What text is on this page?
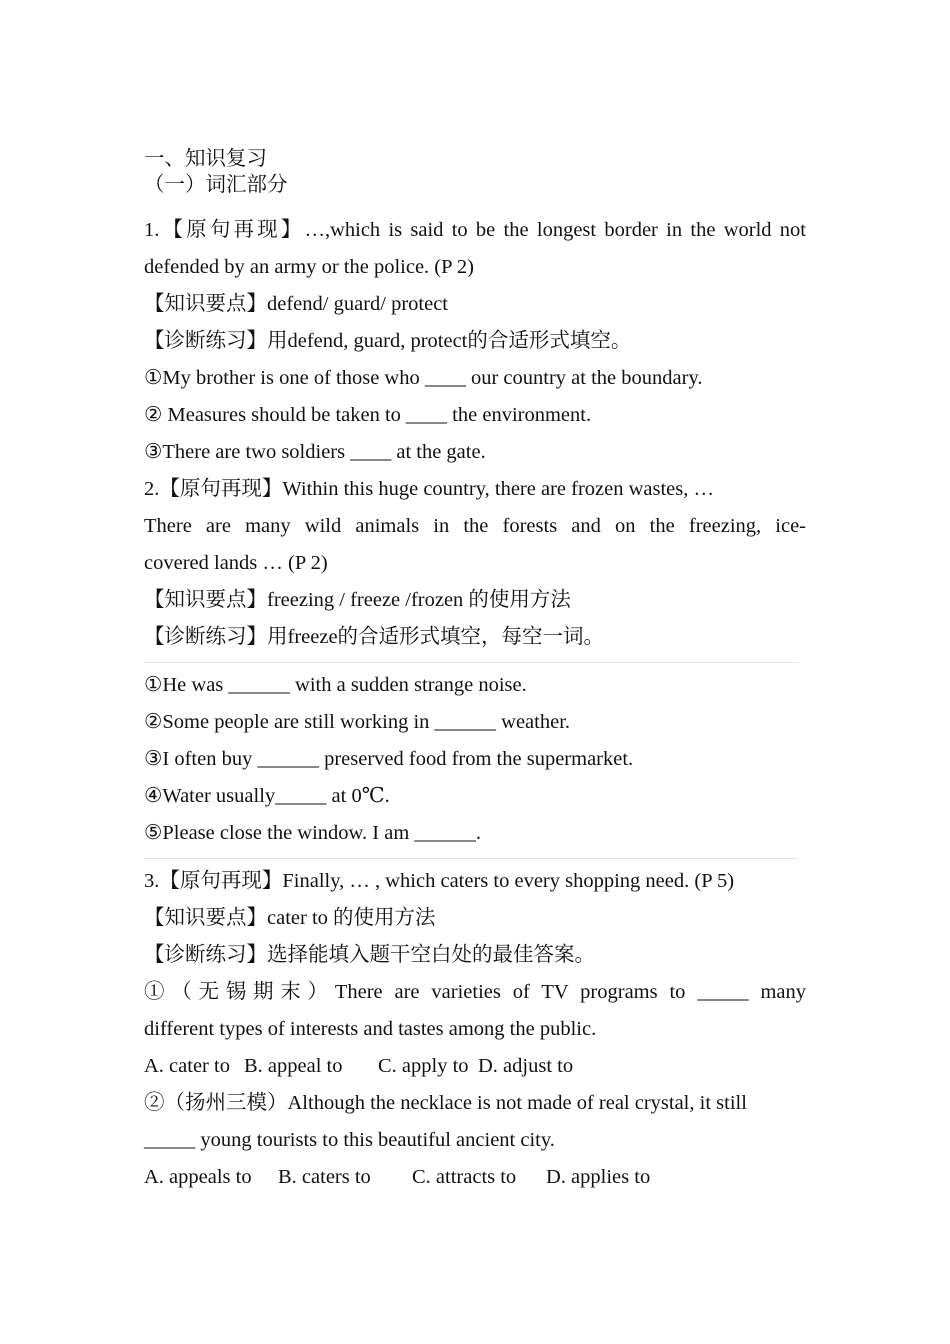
一、知识复习
（一）词汇部分
1.【原句再现】…,which is said to be the longest border in the world not
defended by an army or the police. (P 2)
【知识要点】defend/ guard/ protect
【诊断练习】用defend, guard, protect的合适形式填空。
①My brother is one of those who ____ our country at the boundary.
② Measures should be taken to ____ the environment.
③There are two soldiers ____ at the gate.
2.【原句再现】Within this huge country, there are frozen wastes, …
There are many wild animals in the forests and on the freezing, ice-
covered lands … (P 2)
【知识要点】freezing / freeze /frozen 的使用方法
【诊断练习】用freeze的合适形式填空，每空一词。
①He was ______ with a sudden strange noise.
②Some people are still working in ______ weather.
③I often buy ______ preserved food from the supermarket.
④Water usually_____ at 0℃.
⑤Please close the window. I am ______.
3.【原句再现】Finally, … , which caters to every shopping need. (P 5)
【知识要点】cater to 的使用方法
【诊断练习】选择能填入题干空白处的最佳答案。
①（无锡期末）There are varieties of TV programs to _____ many
different types of interests and tastes among the public.
A. cater to B. appeal to C. apply to D. adjust to
②（扬州三模）Although the necklace is not made of real crystal, it still
_____ young tourists to this beautiful ancient city.
A. appeals to B. caters to C. attracts to D. applies to
